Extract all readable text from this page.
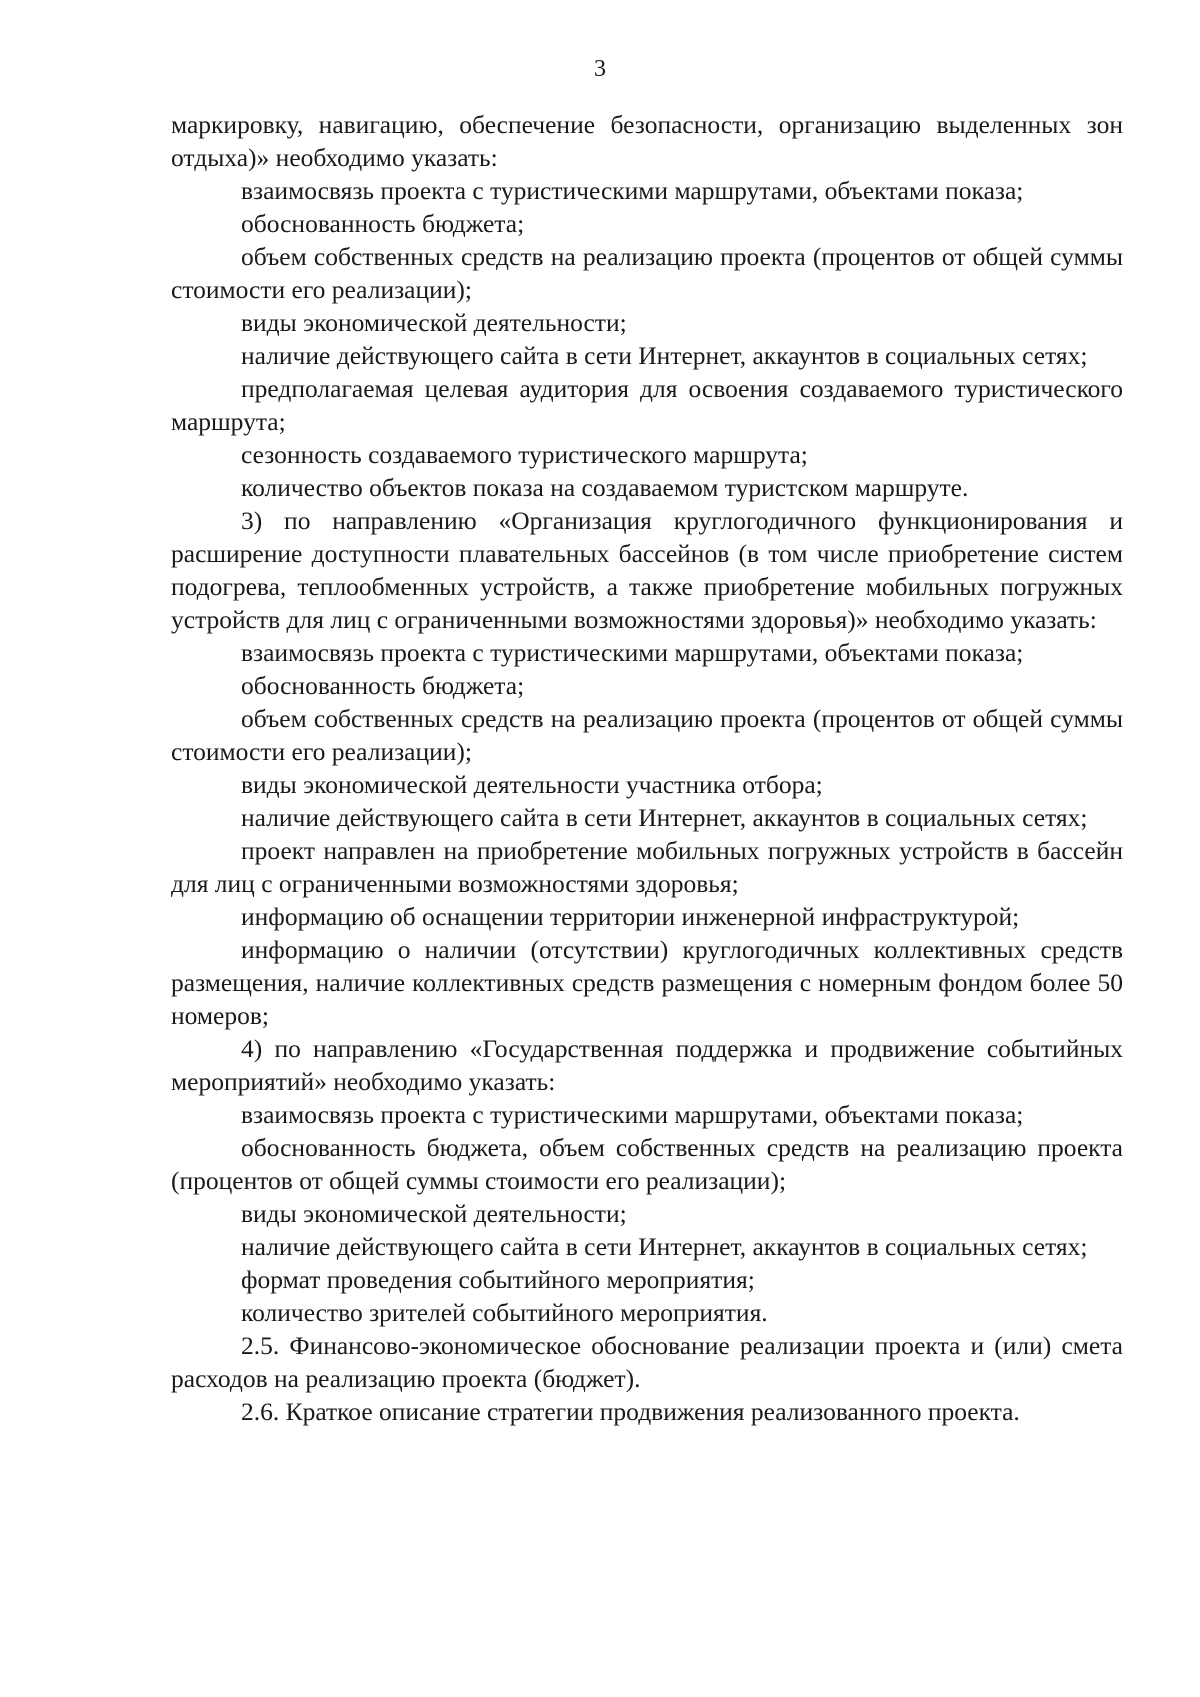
3

маркировку, навигацию, обеспечение безопасности, организацию выделенных зон отдыха)» необходимо указать:

взаимосвязь проекта с туристическими маршрутами, объектами показа;

обоснованность бюджета;

объем собственных средств на реализацию проекта (процентов от общей суммы стоимости его реализации);

виды экономической деятельности;

наличие действующего сайта в сети Интернет, аккаунтов в социальных сетях;

предполагаемая целевая аудитория для освоения создаваемого туристического маршрута;

сезонность создаваемого туристического маршрута;

количество объектов показа на создаваемом туристском маршруте.

3) по направлению «Организация круглогодичного функционирования и расширение доступности плавательных бассейнов (в том числе приобретение систем подогрева, теплообменных устройств, а также приобретение мобильных погружных устройств для лиц с ограниченными возможностями здоровья)» необходимо указать:

взаимосвязь проекта с туристическими маршрутами, объектами показа;

обоснованность бюджета;

объем собственных средств на реализацию проекта (процентов от общей суммы стоимости его реализации);

виды экономической деятельности участника отбора;

наличие действующего сайта в сети Интернет, аккаунтов в социальных сетях;

проект направлен на приобретение мобильных погружных устройств в бассейн для лиц с ограниченными возможностями здоровья;

информацию об оснащении территории инженерной инфраструктурой;

информацию о наличии (отсутствии) круглогодичных коллективных средств размещения, наличие коллективных средств размещения с номерным фондом более 50 номеров;

4) по направлению «Государственная поддержка и продвижение событийных мероприятий» необходимо указать:

взаимосвязь проекта с туристическими маршрутами, объектами показа;

обоснованность бюджета, объем собственных средств на реализацию проекта (процентов от общей суммы стоимости его реализации);

виды экономической деятельности;

наличие действующего сайта в сети Интернет, аккаунтов в социальных сетях;

формат проведения событийного мероприятия;

количество зрителей событийного мероприятия.

2.5. Финансово-экономическое обоснование реализации проекта и (или) смета расходов на реализацию проекта (бюджет).

2.6. Краткое описание стратегии продвижения реализованного проекта.
